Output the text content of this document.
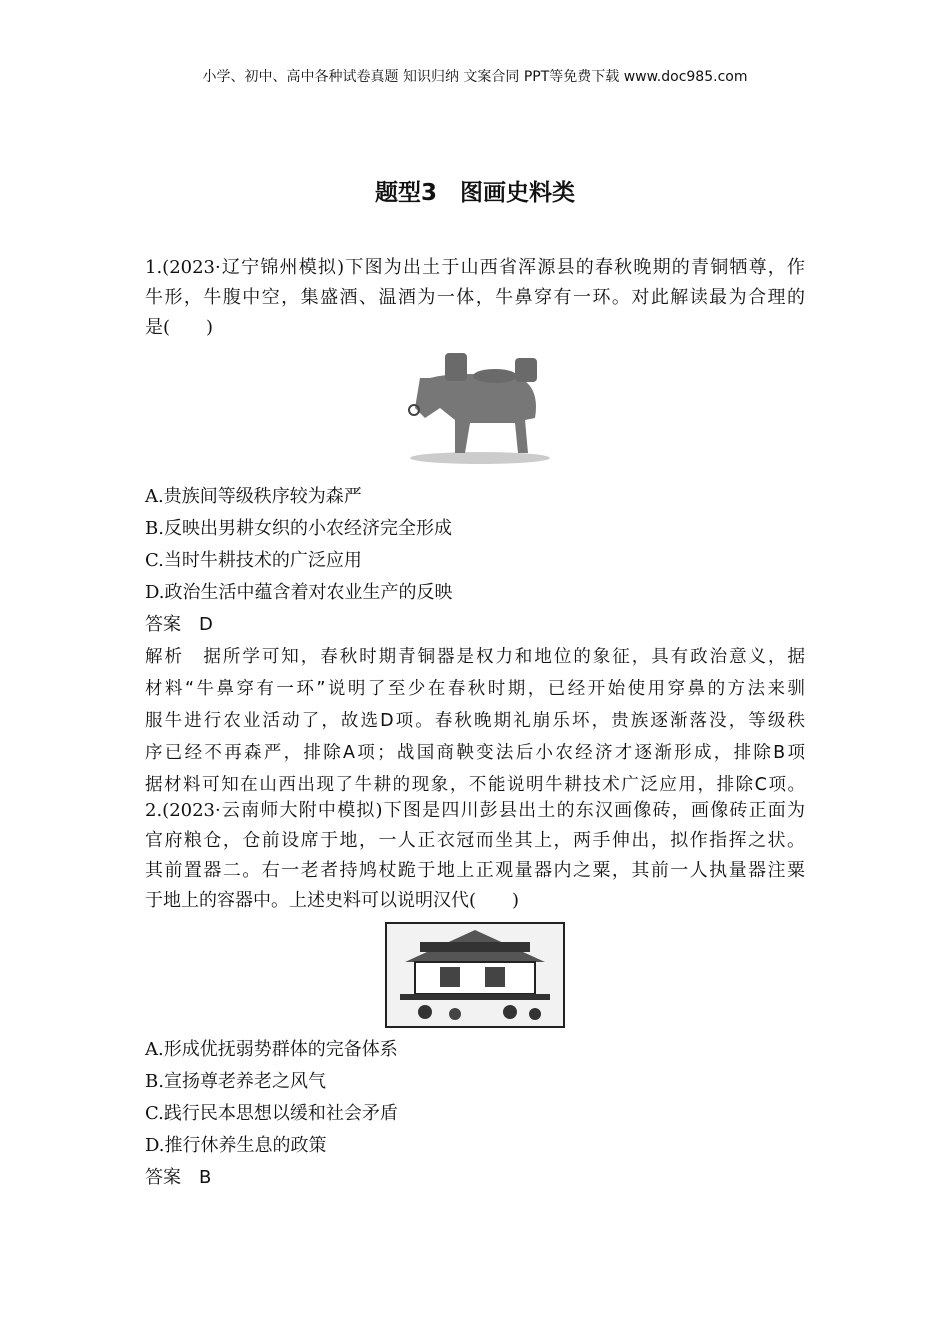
小学、初中、高中各种试卷真题 知识归纳 文案合同 PPT等免费下载 www.doc985.com
题型3　图画史料类
1.(2023·辽宁锦州模拟)下图为出土于山西省浑源县的春秋晚期的青铜牺尊，作
牛形，牛腹中空，集盛酒、温酒为一体，牛鼻穿有一环。对此解读最为合理的
是(　　)
A.贵族间等级秩序较为森严
B.反映出男耕女织的小农经济完全形成
C.当时牛耕技术的广泛应用
D.政治生活中蕴含着对农业生产的反映
答案　D
解析　据所学可知，春秋时期青铜器是权力和地位的象征，具有政治意义，据
材料“牛鼻穿有一环”说明了至少在春秋时期，已经开始使用穿鼻的方法来驯
服牛进行农业活动了，故选D项。春秋晚期礼崩乐坏，贵族逐渐落没，等级秩
序已经不再森严，排除A项；战国商鞅变法后小农经济才逐渐形成，排除B项
据材料可知在山西出现了牛耕的现象，不能说明牛耕技术广泛应用，排除C项。
2.(2023·云南师大附中模拟)下图是四川彭县出土的东汉画像砖，画像砖正面为
官府粮仓，仓前设席于地，一人正衣冠而坐其上，两手伸出，拟作指挥之状。
其前置器二。右一老者持鸠杖跪于地上正观量器内之粟，其前一人执量器注粟
于地上的容器中。上述史料可以说明汉代(　　)
A.形成优抚弱势群体的完备体系
B.宣扬尊老养老之风气
C.践行民本思想以缓和社会矛盾
D.推行休养生息的政策
答案　B
